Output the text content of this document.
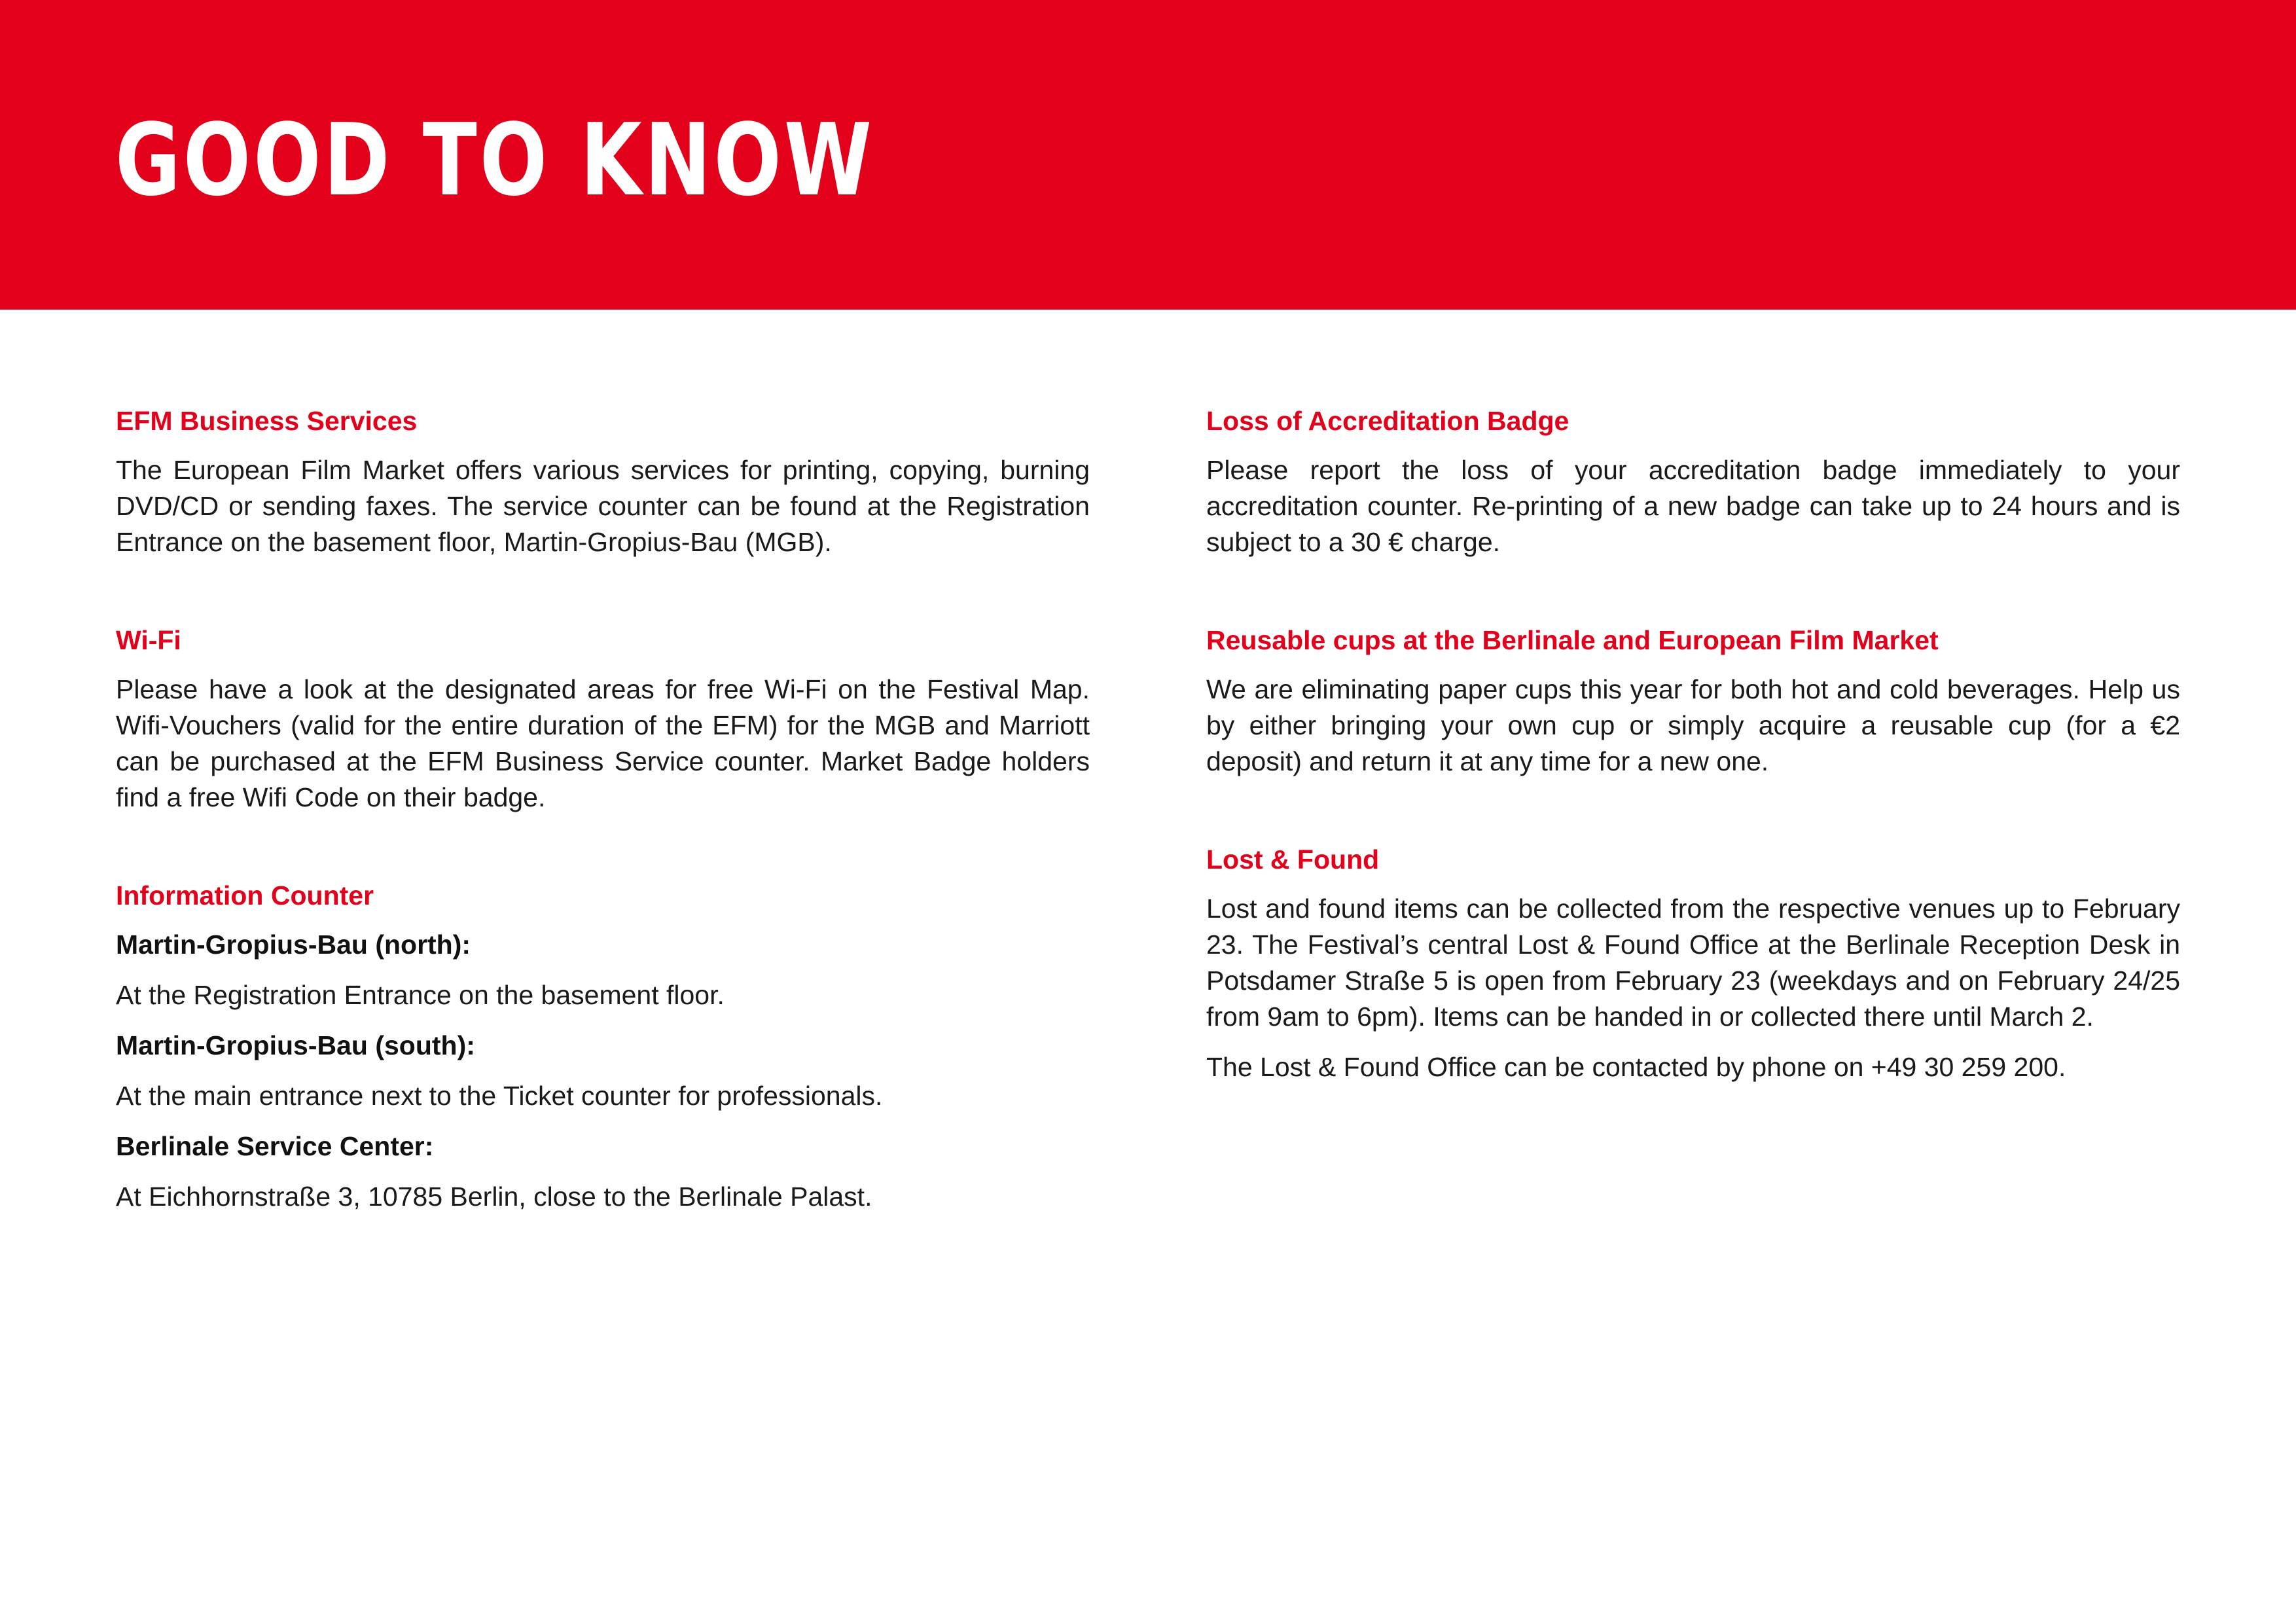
GOOD TO KNOW
EFM Business Services

The European Film Market offers various services for printing, copying, burning DVD/CD or sending faxes. The service counter can be found at the Registration Entrance on the basement floor, Martin-Gropius-Bau (MGB).

Wi-Fi

Please have a look at the designated areas for free Wi-Fi on the Festival Map. Wifi-Vouchers (valid for the entire duration of the EFM) for the MGB and Marriott can be purchased at the EFM Business Service counter. Market Badge holders find a free Wifi Code on their badge.

Information Counter
Martin-Gropius-Bau (north):

At the Registration Entrance on the basement floor.

Martin-Gropius-Bau (south):

At the main entrance next to the Ticket counter for professionals.

Berlinale Service Center:

At Eichhornstraße 3, 10785 Berlin, close to the Berlinale Palast.

Loss of Accreditation Badge

Please report the loss of your accreditation badge immediately to your accreditation counter. Re-printing of a new badge can take up to 24 hours and is subject to a 30 € charge.

Reusable cups at the Berlinale and European Film Market

We are eliminating paper cups this year for both hot and cold beverages. Help us by either bringing your own cup or simply acquire a reusable cup (for a €2 deposit) and return it at any time for a new one.

Lost & Found

Lost and found items can be collected from the respective venues up to February 23. The Festival’s central Lost & Found Office at the Berlinale Reception Desk in Potsdamer Straße 5 is open from February 23 (weekdays and on February 24/25 from 9am to 6pm). Items can be handed in or collected there until March 2.

The Lost & Found Office can be contacted by phone on +49 30 259 200.
